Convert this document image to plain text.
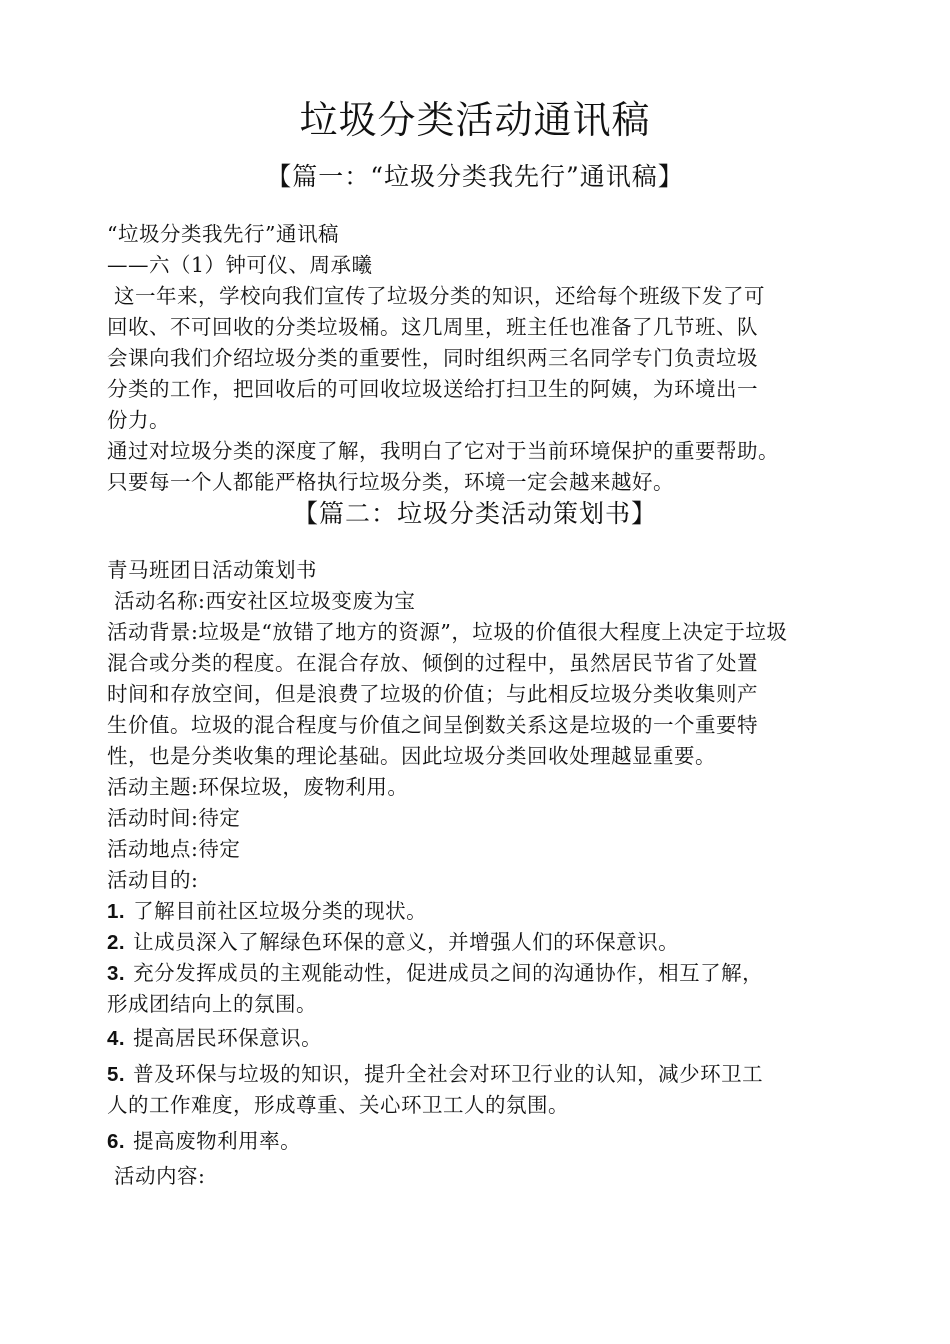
垃圾分类活动通讯稿
【篇一：“垃圾分类我先行”通讯稿】

“垃圾分类我先行”通讯稿

——六（1）钟可仪、周承曦

这一年来，学校向我们宣传了垃圾分类的知识，还给每个班级下发了可

回收、不可回收的分类垃圾桶。这几周里，班主任也准备了几节班、队

会课向我们介绍垃圾分类的重要性，同时组织两三名同学专门负责垃圾

分类的工作，把回收后的可回收垃圾送给打扫卫生的阿姨，为环境出一

份力。

通过对垃圾分类的深度了解，我明白了它对于当前环境保护的重要帮助。

只要每一个人都能严格执行垃圾分类，环境一定会越来越好。

【篇二：垃圾分类活动策划书】

青马班团日活动策划书

活动名称:西安社区垃圾变废为宝

活动背景:垃圾是“放错了地方的资源”，垃圾的价值很大程度上决定于垃圾

混合或分类的程度。在混合存放、倾倒的过程中，虽然居民节省了处置

时间和存放空间，但是浪费了垃圾的价值；与此相反垃圾分类收集则产

生价值。垃圾的混合程度与价值之间呈倒数关系这是垃圾的一个重要特

性，也是分类收集的理论基础。因此垃圾分类回收处理越显重要。

活动主题:环保垃圾，废物利用。

活动时间:待定

活动地点:待定

活动目的:

1. 了解目前社区垃圾分类的现状。

2. 让成员深入了解绿色环保的意义，并增强人们的环保意识。

3. 充分发挥成员的主观能动性，促进成员之间的沟通协作，相互了解，

形成团结向上的氛围。

4. 提高居民环保意识。

5. 普及环保与垃圾的知识，提升全社会对环卫行业的认知，减少环卫工

人的工作难度，形成尊重、关心环卫工人的氛围。

6. 提高废物利用率。

活动内容:
